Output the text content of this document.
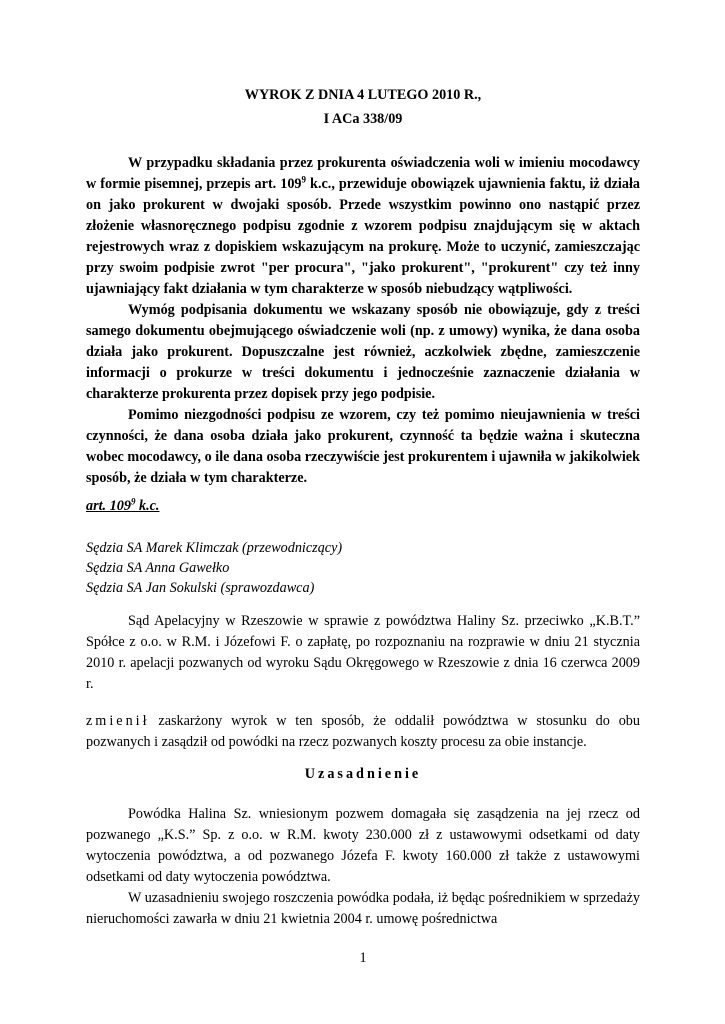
WYROK Z DNIA 4 LUTEGO 2010 R.,
I ACa 338/09

W przypadku składania przez prokurenta oświadczenia woli w imieniu mocodawcy w formie pisemnej, przepis art. $109^9$ k.c., przewiduje obowiązek ujawnienia faktu, iż działa on jako prokurent w dwojaki sposób. Przede wszystkim powinno ono nastąpić przez złożenie własnoręcznego podpisu zgodnie z wzorem podpisu znajdującym się w aktach rejestrowych wraz z dopiskiem wskazującym na prokurę. Może to uczynić, zamieszczając przy swoim podpisie zwrot "per procura", "jako prokurent", "prokurent" czy też inny ujawniający fakt działania w tym charakterze w sposób niebudzący wątpliwości.

Wymóg podpisania dokumentu we wskazany sposób nie obowiązuje, gdy z treści samego dokumentu obejmującego oświadczenie woli (np. z umowy) wynika, że dana osoba działa jako prokurent. Dopuszczalne jest również, aczkolwiek zbędne, zamieszczenie informacji o prokurze w treści dokumentu i jednocześnie zaznaczenie działania w charakterze prokurenta przez dopisek przy jego podpisie.

Pomimo niezgodności podpisu ze wzorem, czy też pomimo nieujawnienia w treści czynności, że dana osoba działa jako prokurent, czynność ta będzie ważna i skuteczna wobec mocodawcy, o ile dana osoba rzeczywiście jest prokurentem i ujawniła w jakikolwiek sposób, że działa w tym charakterze.

art. $109^9$ k.c.
Sędzia SA Marek Klimczak (przewodniczący)
Sędzia SA Anna Gawełko
Sędzia SA Jan Sokulski (sprawozdawca)

Sąd Apelacyjny w Rzeszowie w sprawie z powództwa Haliny Sz. przeciwko „K.B.T.” Spółce z o.o. w R.M. i Józefowi F. o zapłatę, po rozpoznaniu na rozprawie w dniu 21 stycznia 2010 r. apelacji pozwanych od wyroku Sądu Okręgowego w Rzeszowie z dnia 16 czerwca 2009 r.

zmienił zaskarżony wyrok w ten sposób, że oddalił powództwa w stosunku do obu pozwanych i zasądził od powódki na rzecz pozwanych koszty procesu za obie instancje.
Uzasadnienie

Powódka Halina Sz. wniesionym pozwem domagała się zasądzenia na jej rzecz od pozwanego „K.S.” Sp. z o.o. w R.M. kwoty 230.000 zł z ustawowymi odsetkami od daty wytoczenia powództwa, a od pozwanego Józefa F. kwoty 160.000 zł także z ustawowymi odsetkami od daty wytoczenia powództwa.

W uzasadnieniu swojego roszczenia powódka podała, iż będąc pośrednikiem w sprzedaży nieruchomości zawarła w dniu 21 kwietnia 2004 r. umowę pośrednictwa

1
